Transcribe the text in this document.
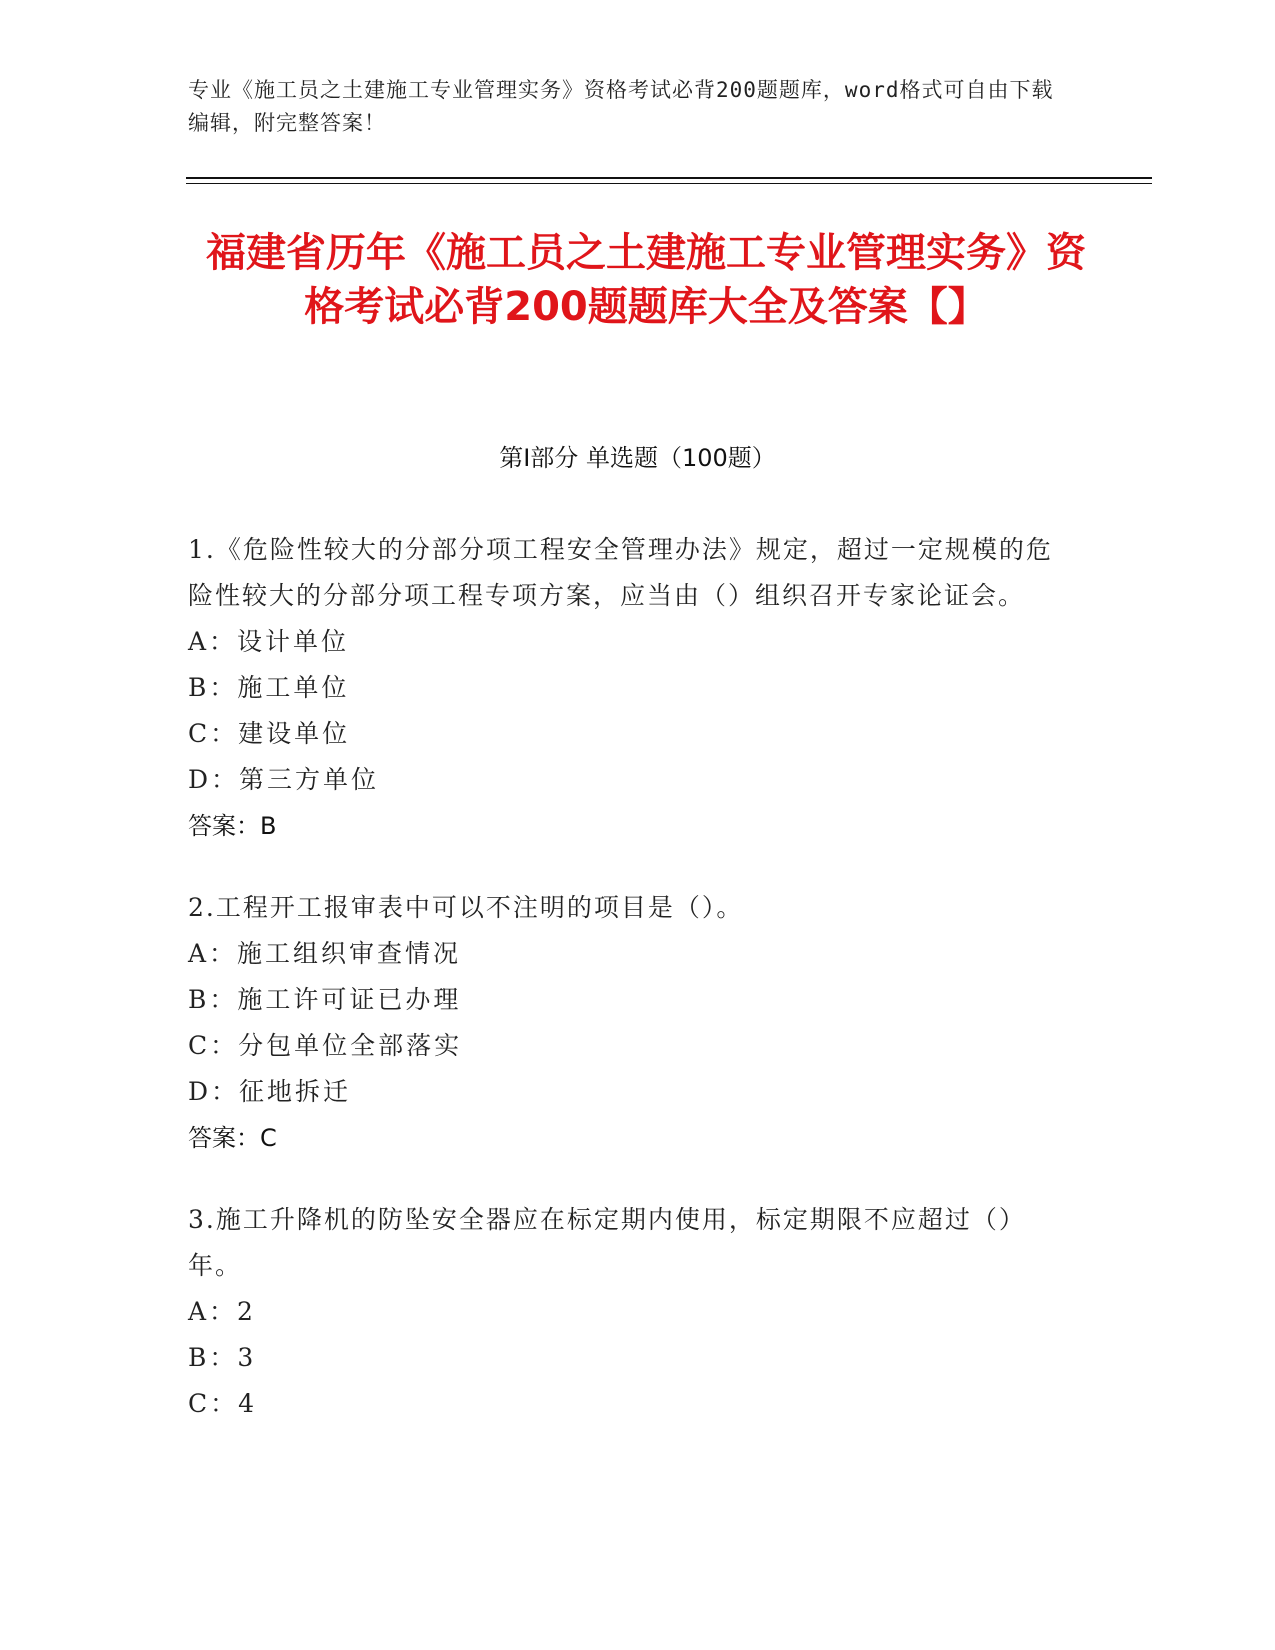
专业《施工员之土建施工专业管理实务》资格考试必背200题题库，word格式可自由下载编辑，附完整答案！
福建省历年《施工员之土建施工专业管理实务》资格考试必背200题题库大全及答案【】
第Ⅰ部分 单选题（100题）
1.《危险性较大的分部分项工程安全管理办法》规定，超过一定规模的危险性较大的分部分项工程专项方案，应当由（）组织召开专家论证会。
A：设计单位
B：施工单位
C：建设单位
D：第三方单位
答案：B
2.工程开工报审表中可以不注明的项目是（）。
A：施工组织审查情况
B：施工许可证已办理
C：分包单位全部落实
D：征地拆迁
答案：C
3.施工升降机的防坠安全器应在标定期内使用，标定期限不应超过（）年。
A：2
B：3
C：4
